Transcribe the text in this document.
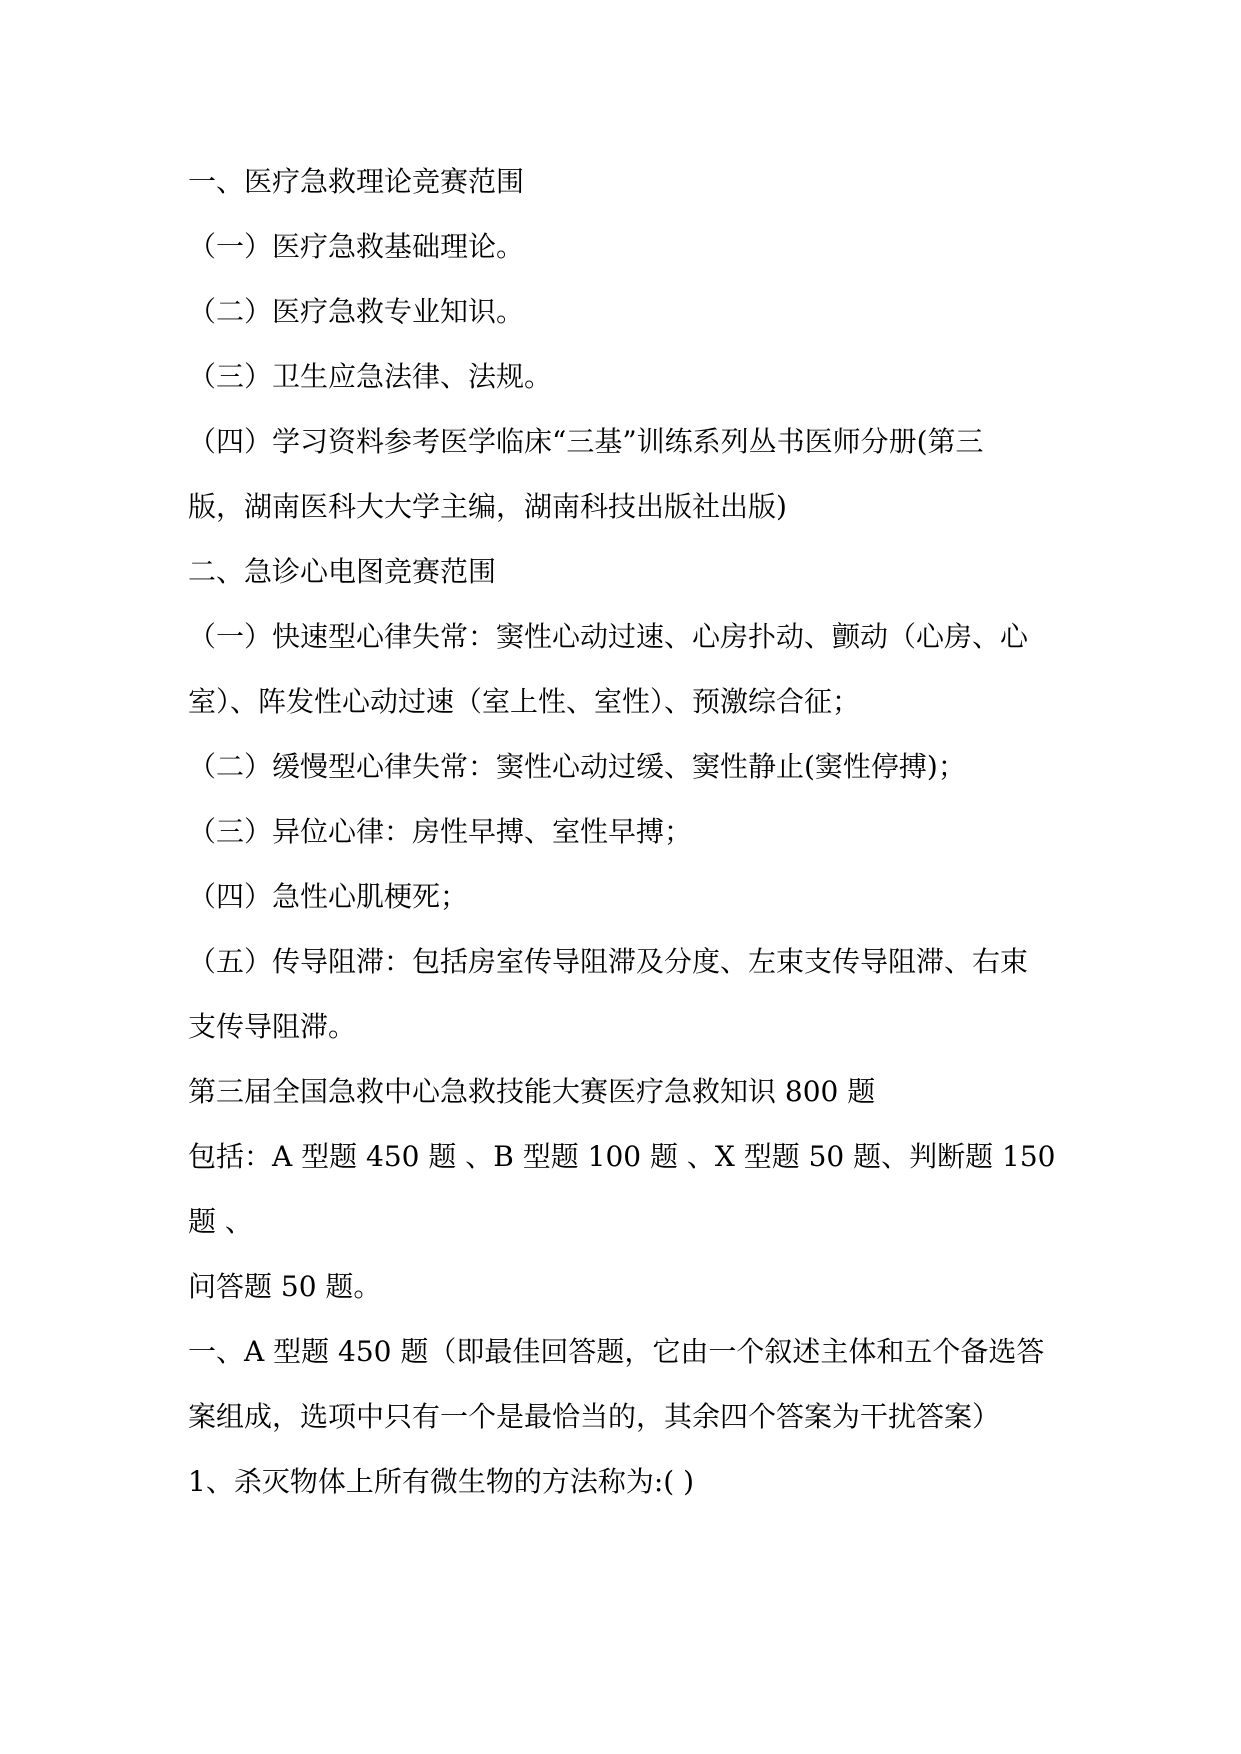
一、医疗急救理论竞赛范围
（一）医疗急救基础理论。
（二）医疗急救专业知识。
（三）卫生应急法律、法规。
（四）学习资料参考医学临床“三基”训练系列丛书医师分册(第三
版，湖南医科大大学主编，湖南科技出版社出版)
二、急诊心电图竞赛范围
（一）快速型心律失常：窦性心动过速、心房扑动、颤动（心房、心
室）、阵发性心动过速（室上性、室性）、预激综合征；
（二）缓慢型心律失常：窦性心动过缓、窦性静止(窦性停搏)；
（三）异位心律：房性早搏、室性早搏；
（四）急性心肌梗死；
（五）传导阻滞：包括房室传导阻滞及分度、左束支传导阻滞、右束
支传导阻滞。
第三届全国急救中心急救技能大赛医疗急救知识 800 题
包括：A 型题 450 题 、B 型题 100 题 、X 型题 50 题、判断题 150
题 、
问答题 50 题。
一、A 型题 450 题（即最佳回答题，它由一个叙述主体和五个备选答
案组成，选项中只有一个是最恰当的，其余四个答案为干扰答案）
1、杀灭物体上所有微生物的方法称为:( )
